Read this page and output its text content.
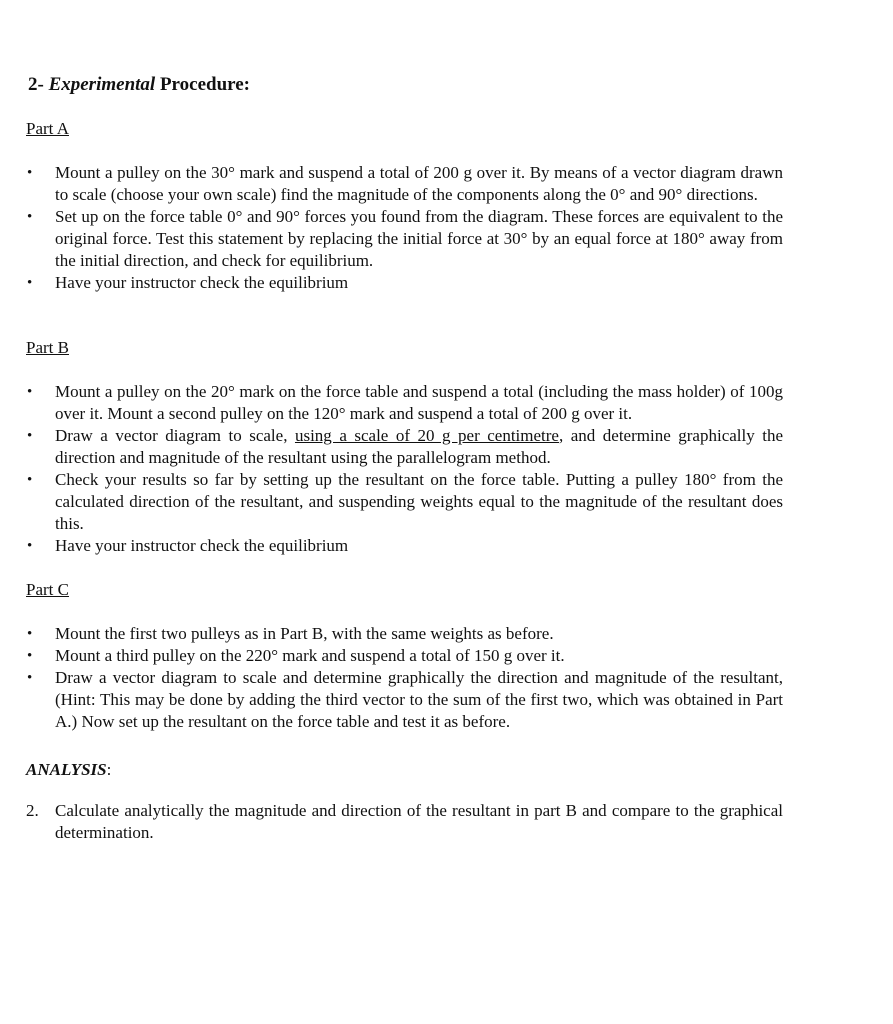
2- Experimental Procedure:

Part A

• Mount a pulley on the 30° mark and suspend a total of 200 g over it. By means of a vector diagram drawn to scale (choose your own scale) find the magnitude of the components along the 0° and 90° directions.
• Set up on the force table 0° and 90° forces you found from the diagram. These forces are equivalent to the original force. Test this statement by replacing the initial force at 30° by an equal force at 180° away from the initial direction, and check for equilibrium.
• Have your instructor check the equilibrium

Part B

• Mount a pulley on the 20° mark on the force table and suspend a total (including the mass holder) of 100g over it. Mount a second pulley on the 120° mark and suspend a total of 200 g over it.
• Draw a vector diagram to scale, using a scale of 20 g per centimetre, and determine graphically the direction and magnitude of the resultant using the parallelogram method.
• Check your results so far by setting up the resultant on the force table. Putting a pulley 180° from the calculated direction of the resultant, and suspending weights equal to the magnitude of the resultant does this.
• Have your instructor check the equilibrium

Part C

• Mount the first two pulleys as in Part B, with the same weights as before.
• Mount a third pulley on the 220° mark and suspend a total of 150 g over it.
• Draw a vector diagram to scale and determine graphically the direction and magnitude of the resultant, (Hint: This may be done by adding the third vector to the sum of the first two, which was obtained in Part A.) Now set up the resultant on the force table and test it as before.

ANALYSIS:

2. Calculate analytically the magnitude and direction of the resultant in part B and compare to the graphical determination.
